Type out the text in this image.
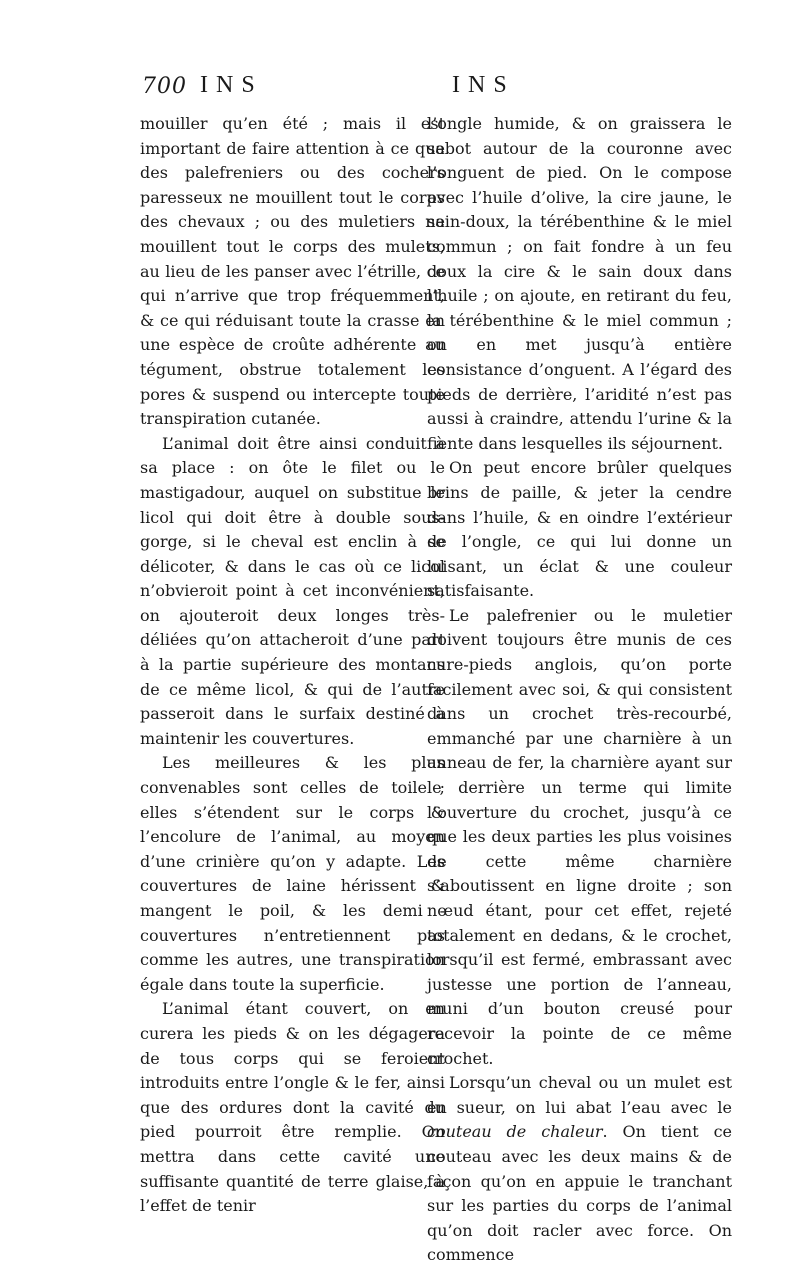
700 INS	INS

mouiller qu’en été ; mais il est important de faire attention à ce que des palefreniers ou des cochers paresseux ne mouillent tout le corps des chevaux ; ou des muletiers ne mouillent tout le corps des mulets, au lieu de les panser avec l’étrille, ce qui n’arrive que trop fréquemment, & ce qui réduisant toute la crasse en une espèce de croûte adhérente au tégument, obstrue totalement les pores & suspend ou intercepte toute transpiration cutanée.

L’animal doit être ainsi conduit à sa place : on ôte le filet ou le mastigadour, auquel on substitue le licol qui doit être à double sous-gorge, si le cheval est enclin à se délicoter, & dans le cas où ce licol n’obvieroit point à cet inconvénient, on ajouteroit deux longes très-déliées qu’on attacheroit d’une part à la partie supérieure des montans de ce même licol, & qui de l’autre passeroit dans le surfaix destiné à maintenir les couvertures.

Les meilleures & les plus convenables sont celles de toile ; elles s’étendent sur le corps & l’encolure de l’animal, au moyen d’une crinière qu’on y adapte. Les couvertures de laine hérissent & mangent le poil, & les demi - couvertures n’entretiennent pas comme les autres, une transpiration égale dans toute la superficie.

L’animal étant couvert, on en curera les pieds & on les dégagera de tous corps qui se feroient introduits entre l’ongle & le fer, ainsi que des ordures dont la cavité du pied pourroit être remplie. On mettra dans cette cavité une suffisante quantité de terre glaise, à l’effet de tenir

l’ongle humide, & on graissera le sabot autour de la couronne avec l’onguent de pied. On le compose avec l’huile d’olive, la cire jaune, le sain-doux, la térébenthine & le miel commun ; on fait fondre à un feu doux la cire & le sain doux dans l’huile ; on ajoute, en retirant du feu, la térébenthine & le miel commun ; on en met jusqu’à entière consistance d’onguent. A l’égard des pieds de derrière, l’aridité n’est pas aussi à craindre, attendu l’urine & la fiente dans lesquelles ils séjournent.

On peut encore brûler quelques brins de paille, & jeter la cendre dans l’huile, & en oindre l’extérieur de l’ongle, ce qui lui donne un luisant, un éclat & une couleur satisfaisante.

Le palefrenier ou le muletier doivent toujours être munis de ces cure-pieds anglois, qu’on porte facilement avec soi, & qui consistent dans un crochet très-recourbé, emmanché par une charnière à un anneau de fer, la charnière ayant sur le derrière un terme qui limite l’ouverture du crochet, jusqu’à ce que les deux parties les plus voisines de cette même charnière s’aboutissent en ligne droite ; son nœud étant, pour cet effet, rejeté totalement en dedans, & le crochet, lorsqu’il est fermé, embrassant avec justesse une portion de l’anneau, muni d’un bouton creusé pour recevoir la pointe de ce même crochet.

Lorsqu’un cheval ou un mulet est en sueur, on lui abat l’eau avec le couteau de chaleur. On tient ce couteau avec les deux mains & de façon qu’on en appuie le tranchant sur les parties du corps de l’animal qu’on doit racler avec force. On commence
